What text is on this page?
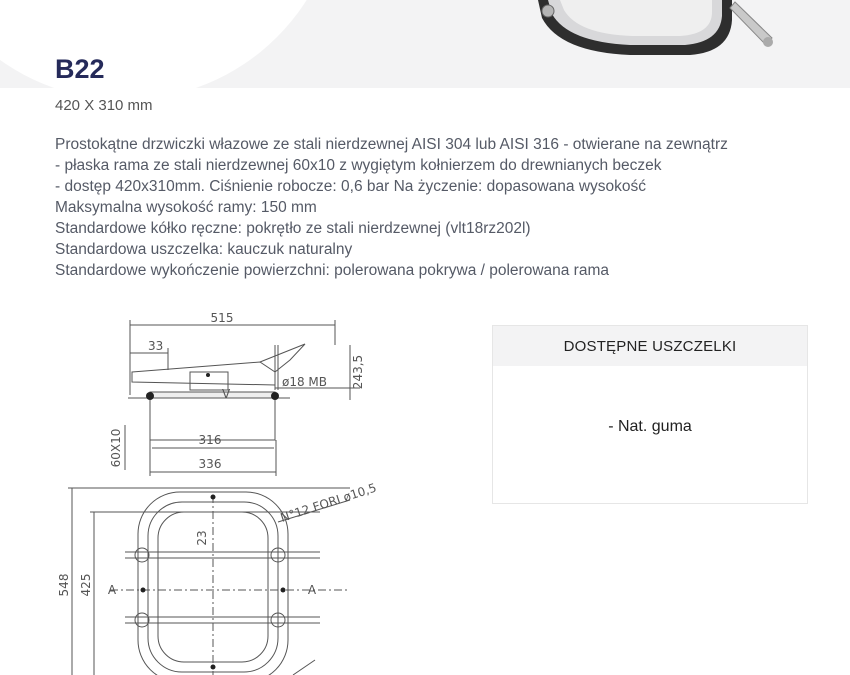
B22
420 X 310 mm
Prostokątne drzwiczki włazowe ze stali nierdzewnej AISI 304 lub AISI 316 - otwierane na zewnątrz
- płaska rama ze stali nierdzewnej 60x10 z wygiętym kołnierzem do drewnianych beczek
- dostęp 420x310mm. Ciśnienie robocze: 0,6 bar Na życzenie: dopasowana wysokość
Maksymalna wysokość ramy: 150 mm
Standardowe kółko ręczne: pokrętło ze stali nierdzewnej (vlt18rz202l)
Standardowa uszczelka: kauczuk naturalny
Standardowe wykończenie powierzchni: polerowana pokrywa / polerowana rama
515
33
ø18 MB 243,5
316
336
60X10
548 425
23
N°12 FORI ø10,5
A	A
V
DOSTĘPNE USZCZELKI
- Nat. guma
